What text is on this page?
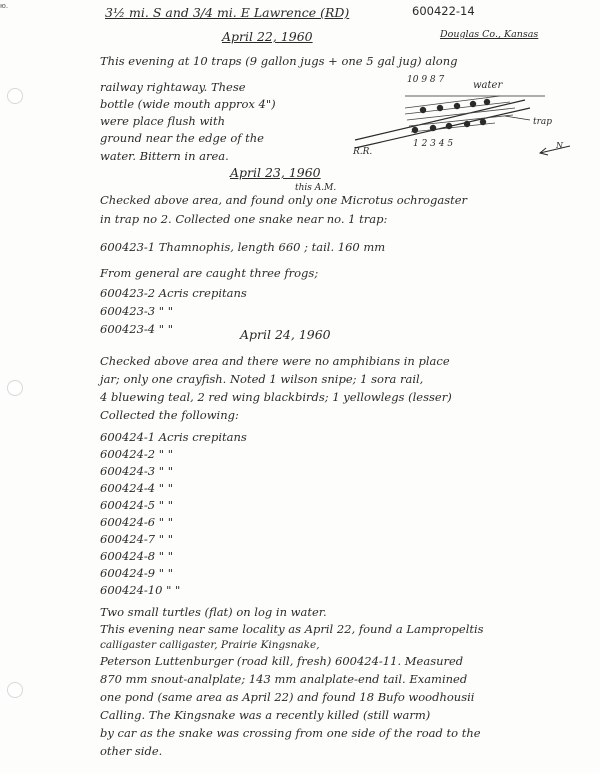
ю.	3½ mi. S and 3/4 mi. E Lawrence (RD)	600422-14
April 22, 1960	Douglas Co., Kansas
This evening at 10 traps (9 gallon jugs + one 5 gal jug) along
railway rightaway. These
bottle (wide mouth approx 4")
were place flush with
ground near the edge of the
water. Bittern in area.
10 9 8 7	water
trap
1 2 3 4 5
R.R.
N
April 23, 1960
this A.M.
Checked above area, and found only one Microtus ochrogaster
in trap no 2. Collected one snake near no. 1 trap:
600423-1 Thamnophis, length 660 ; tail. 160 mm
From general are caught three frogs;
600423-2 Acris crepitans
600423-3 " "
600423-4 " "	April 24, 1960
Checked above area and there were no amphibians in place
jar; only one crayfish. Noted 1 wilson snipe; 1 sora rail,
4 bluewing teal, 2 red wing blackbirds; 1 yellowlegs (lesser)
Collected the following:
600424-1 Acris crepitans
600424-2 " "
600424-3 " "
600424-4 " "
600424-5 " "
600424-6 " "
600424-7 " "
600424-8 " "
600424-9 " "
600424-10 " "
Two small turtles (flat) on log in water.
This evening near same locality as April 22, found a Lampropeltis
calligaster calligaster, Prairie Kingsnake,
Peterson Luttenburger (road kill, fresh) 600424-11. Measured
870 mm snout-analplate; 143 mm analplate-end tail. Examined
one pond (same area as April 22) and found 18 Bufo woodhousii
Calling. The Kingsnake was a recently killed (still warm)
by car as the snake was crossing from one side of the road to the
other side.
